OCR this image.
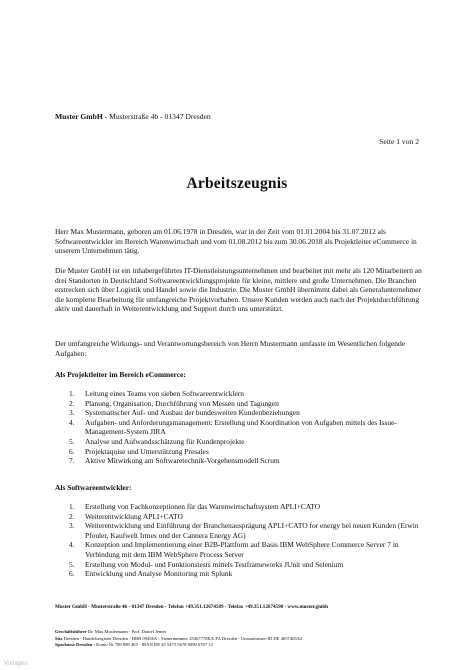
Muster GmbH - Musterstraße 4b - 01347 Dresden
Seite 1 von 2
Arbeitszeugnis
Herr Max Mustermann, geboren am 01.06.1978 in Dresden, war in der Zeit vom 01.01.2004 bis 31.07.2012 als Softwareentwickler im Bereich Warenwirtschaft und vom 01.08.2012 bis zum 30.06.2018 als Projektleiter eCommerce in unserem Unternehmen tätig.
Die Muster GmbH ist ein inhabergeführtes IT-Dienstleistungsunternehmen und bearbeitet mit mehr als 120 Mitarbeitern an drei Standorten in Deutschland Softwareentwicklungsprojekte für kleine, mittlere und große Unternehmen. Die Branchen erstrecken sich über Logistik und Handel sowie die Industrie. Die Muster GmbH übernimmt dabei als Generalunternehmer die komplette Bearbeitung für umfangreiche Projektvorhaben. Unsere Kunden werden auch nach der Projektdurchführung aktiv und dauerhaft in Weiterentwicklung und Support durch uns unterstützt.
Der umfangreiche Wirkungs- und Verantwortungsbereich von Herrn Mustermann umfasste im Wesentlichen folgende Aufgaben:
Als Projektleiter im Bereich eCommerce:
1. Leitung eines Teams von sieben Softwareentwicklern
2. Planung, Organisation, Durchführung von Messen und Tagungen
3. Systematischer Auf- und Ausbau der bundesweiten Kundenbeziehungen
4. Aufgaben- und Anforderungsmanagement: Erstellung und Koordination von Aufgaben mittels des Issue-Management-System JIRA
5. Analyse und Aufwandsschätzung für Kundenprojekte
6. Projektaquise und Unterstützung Presales
7. Aktive Mitwirkung am Softwaretechnik-Vorgehensmodell Scrum
Als Softwareentwickler:
1. Erstellung von Fachkonzeptionen für das Warenwirtschaftsystem APLI+CATO
2. Weiterentwicklung APLI+CATO
3. Weiterentwicklung und Einführung der Branchenausprägung APLI+CATO for energy bei neuen Kunden (Erwin Pfouler, Kaufwelt Irmes und der Cannera Energy AG)
4. Konzeption und Implementierung einer B2B-Plattform auf Basis IBM WebSphere Commerce Server 7 in Verbindung mit dem IBM WebSphere Process Server
5. Erstellung von Modul- und Funktionstests mittels Testframeworks JUnit und Selenium
6. Entwicklung und Analyse Monitoring mit Splunk
Muster GmbH - Musterstraße 4b - 01347 Dresden - Telefon +49.351.12674589 - Telefax +49.351.12674590 - www.muster.gmbh
Geschäftsführer Dr. Max Mustermann - Prof. Daniel Jemes
Sitz Dresden - Handelsregister Dresden - HRB 09456X - Steuernummer 25467778KX FA Dresden - Umsatzsteuer-ID DE 4657465X2
Sparkasse Dresden - Konto Nr 788 898 463 - IBAN DE 45 5475 5678 9090 6767 12
Vorlagen
